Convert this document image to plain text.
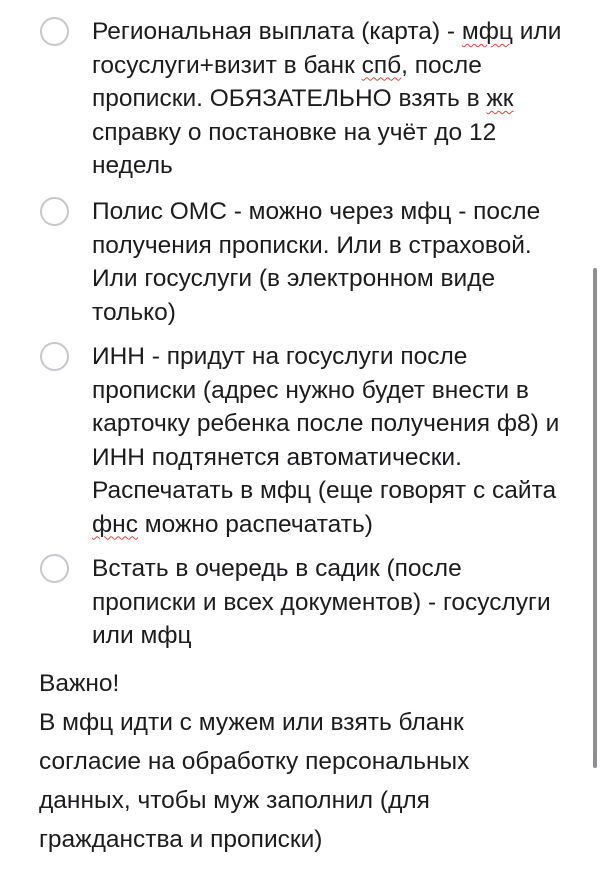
Региональная выплата (карта) - мфц или госуслуги+визит в банк спб, после прописки. ОБЯЗАТЕЛЬНО взять в жк справку о постановке на учёт до 12 недель

Полис ОМС - можно через мфц - после получения прописки. Или в страховой. Или госуслуги (в электронном виде только)

ИНН - придут на госуслуги после прописки (адрес нужно будет внести в карточку ребенка после получения ф8) и ИНН подтянется автоматически. Распечатать в мфц (еще говорят с сайта фнс можно распечатать)

Встать в очередь в садик (после прописки и всех документов) - госуслуги или мфц

Важно!
В мфц идти с мужем или взять бланк
согласие на обработку персональных
данных, чтобы муж заполнил (для
гражданства и прописки)
